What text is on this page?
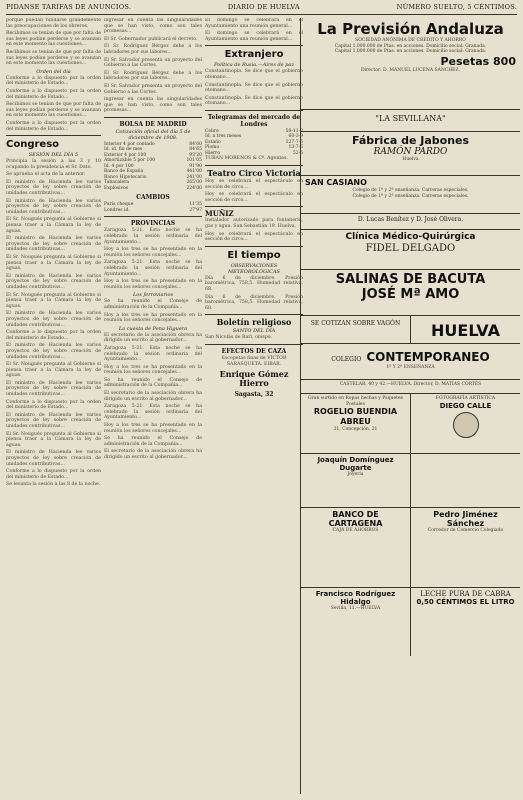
PIDANSE TARIFAS DE ANUNCIOS.	DIARIO DE HUELVA	NÚMERO SUELTO, 5 CÉNTIMOS.

porque puedan fundarse grandemente las preocupaciones de los obreros.

Recibimos se tenían de que por falta de sus leyes podían perderse y se avanzan en este momento las cuestiones...

Recibimos se tenían de que por falta de sus leyes podían perderse y se avanzan en este momento las cuestiones...

Orden del día

Conforme a lo dispuesto por la orden del ministerio de Estado...

Conforme a lo dispuesto por la orden del ministerio de Estado...

Recibimos se tenían de que por falta de sus leyes podían perderse y se avanzan en este momento las cuestiones...

Conforme a lo dispuesto por la orden del ministerio de Estado...

Congreso
SESIÓN DEL DÍA 5

Principia la sesión a las 3 y 10 ocupando la presidencia el Sr. Dato.

Se aprueba el acta de la anterior.

El ministro de Hacienda lee varios proyectos de ley sobre creación de unidades contributivas...

El ministro de Hacienda lee varios proyectos de ley sobre creación de unidades contributivas...

El Sr. Nougués pregunta al Gobierno si piensa traer a la Cámara la ley de aguas.

El ministro de Hacienda lee varios proyectos de ley sobre creación de unidades contributivas...

El Sr. Nougués pregunta al Gobierno si piensa traer a la Cámara la ley de aguas.

El ministro de Hacienda lee varios proyectos de ley sobre creación de unidades contributivas...

El Sr. Nougués pregunta al Gobierno si piensa traer a la Cámara la ley de aguas.

El ministro de Hacienda lee varios proyectos de ley sobre creación de unidades contributivas...

Conforme a lo dispuesto por la orden del ministerio de Estado...

El ministro de Hacienda lee varios proyectos de ley sobre creación de unidades contributivas...

El Sr. Nougués pregunta al Gobierno si piensa traer a la Cámara la ley de aguas.

El ministro de Hacienda lee varios proyectos de ley sobre creación de unidades contributivas...

Conforme a lo dispuesto por la orden del ministerio de Estado...

El ministro de Hacienda lee varios proyectos de ley sobre creación de unidades contributivas...

El Sr. Nougués pregunta al Gobierno si piensa traer a la Cámara la ley de aguas.

El ministro de Hacienda lee varios proyectos de ley sobre creación de unidades contributivas...

Conforme a lo dispuesto por la orden del ministerio de Estado...

Se levanta la sesión a las 8 de la noche.

ingresar en cuenta las singularidades que se han visto, como son tales promesas...

El Sr. Gobernador publicará el decreto.

El Sr. Rodríguez Bérgez debe a los labradores por sus labores...

El Sr. Salvador presenta un proyecto del Gobierno a las Cortes.

El Sr. Rodríguez Bérgez debe a los labradores por sus labores...

El Sr. Salvador presenta un proyecto del Gobierno a las Cortes.

ingresar en cuenta las singularidades que se han visto, como son tales promesas...

BOLSA DE MADRID
Cotización oficial del día 5 de diciembre de 1908.
Interior 4 por contado	84'60
Id. id. fin de mes	84'65
Exterior 4 por 100	93'20
Amortizable 5 por 100	101'05
Id. 4 por 100	91'90
Banco de España	441'00
Banco Hipotecario	241'00
Tabacalera	265'00
Explosivos	224'00
CAMBIOS
París cheque	11'35
Londres id.	27'97
PROVINCIAS

Zaragoza 5-21. Esta noche se ha celebrado la sesión ordinaria del Ayuntamiento...

Hoy a los tres se ha presentado en la reunión los señores concejales...

Zaragoza 5-21. Esta noche se ha celebrado la sesión ordinaria del Ayuntamiento...

Hoy a los tres se ha presentado en la reunión los señores concejales...

Los ferroviarios

Se ha reunido el Consejo de administración de la Compañía...

Hoy a los tres se ha presentado en la reunión los señores concejales...

La cuesta de Pena Higuera

El secretario de la asociación obrera ha dirigido un escrito al gobernador...

Zaragoza 5-21. Esta noche se ha celebrado la sesión ordinaria del Ayuntamiento...

Hoy a los tres se ha presentado en la reunión los señores concejales...

Se ha reunido el Consejo de administración de la Compañía...

El secretario de la asociación obrera ha dirigido un escrito al gobernador...

Zaragoza 5-21. Esta noche se ha celebrado la sesión ordinaria del Ayuntamiento...

Hoy a los tres se ha presentado en la reunión los señores concejales...

Se ha reunido el Consejo de administración de la Compañía...

El secretario de la asociación obrera ha dirigido un escrito al gobernador...

El domingo se celebrará en el Ayuntamiento una reunión general...

El domingo se celebrará en el Ayuntamiento una reunión general...

Extranjero
Política de Rusia.—Aires de paz

Constantinopla. Se dice que el gobierno otomano...

Constantinopla. Se dice que el gobierno otomano...

Constantinopla. Se dice que el gobierno otomano...

Telegramas del mercado de Londres
Cobre	59-11-3
Id. a tres meses	60-3-9
Estaño	127-7-6
Plomo	13-7-6
Hierro	52-6

TUBAN MORENOS & Cº. Agentes.

Teatro Circo Victoria

Hoy se celebrará el espectáculo en sección de circo...

Hoy se celebrará el espectáculo en sección de circo...

MUÑIZ

Instalador autorizado para fontanería, gas y agua. San Sebastián 19. Huelva.

Hoy se celebrará el espectáculo en sección de circo...

El tiempo
OBSERVACIONES METEOROLÓGICAS

Día 6 de diciembre. Presión barométrica, 758,5. Humedad relativa, 68.

Día 6 de diciembre. Presión barométrica, 758,5. Humedad relativa, 68.

Boletín religioso
SANTO DEL DÍA

San Nicolás de Bari, obispo.

EFECTOS DE CAZA

Escopetas finas de VÍCTOR SARASQUETA. EIBAR.

Enrique Gómez Hierro
Sagasta, 32
La Previsión Andaluza
SOCIEDAD ANÓNIMA DE CRÉDITO Y AHORRO
Capital 1.000.000 de Ptas. en acciones. Domicilio social: Granada.
Capital 1.000.000 de Ptas. en acciones. Domicilio social: Granada.
Pesetas 800
Director: D. MANUEL LUCENA SÁNCHEZ.
"LA SEVILLANA"
Fábrica de Jabones
RAMÓN PARDO
Huelva
SAN CASIANO
Colegio de 1ª y 2ª enseñanza. Carreras especiales.
Colegio de 1ª y 2ª enseñanza. Carreras especiales.
D. Lucas Benítez y D. José Olivera.
Clínica Médico-Quirúrgica
FIDEL DELGADO
SALINAS DE BACUTA
JOSÉ Mª AMO
SE COTIZAN SOBRE VAGÓN	HUELVA
COLEGIO CONTEMPORANEO
1ª Y 2ª ENSEÑANZA
CASTELAR, 40 y 42.—HUELVA. Director, D. MATÍAS CORTÉS
Gran surtido en Ropas hechas y Paquetes Postales
ROGELIO BUENDIA ABREU
21, Concepción, 21
FOTOGRAFÍA ARTÍSTICA
DIEGO CALLE
Joaquín Domínguez Dugarte
Joyería
BANCO DE CARTAGENA
CAJA DE AHORROS
Pedro Jiménez Sánchez
Corredor de Comercio Colegiado
Francisco Rodríguez Hidalgo
Sevilla, 11.—HUELVA
LECHE PURA DE CABRA
0,50 CÉNTIMOS EL LITRO
